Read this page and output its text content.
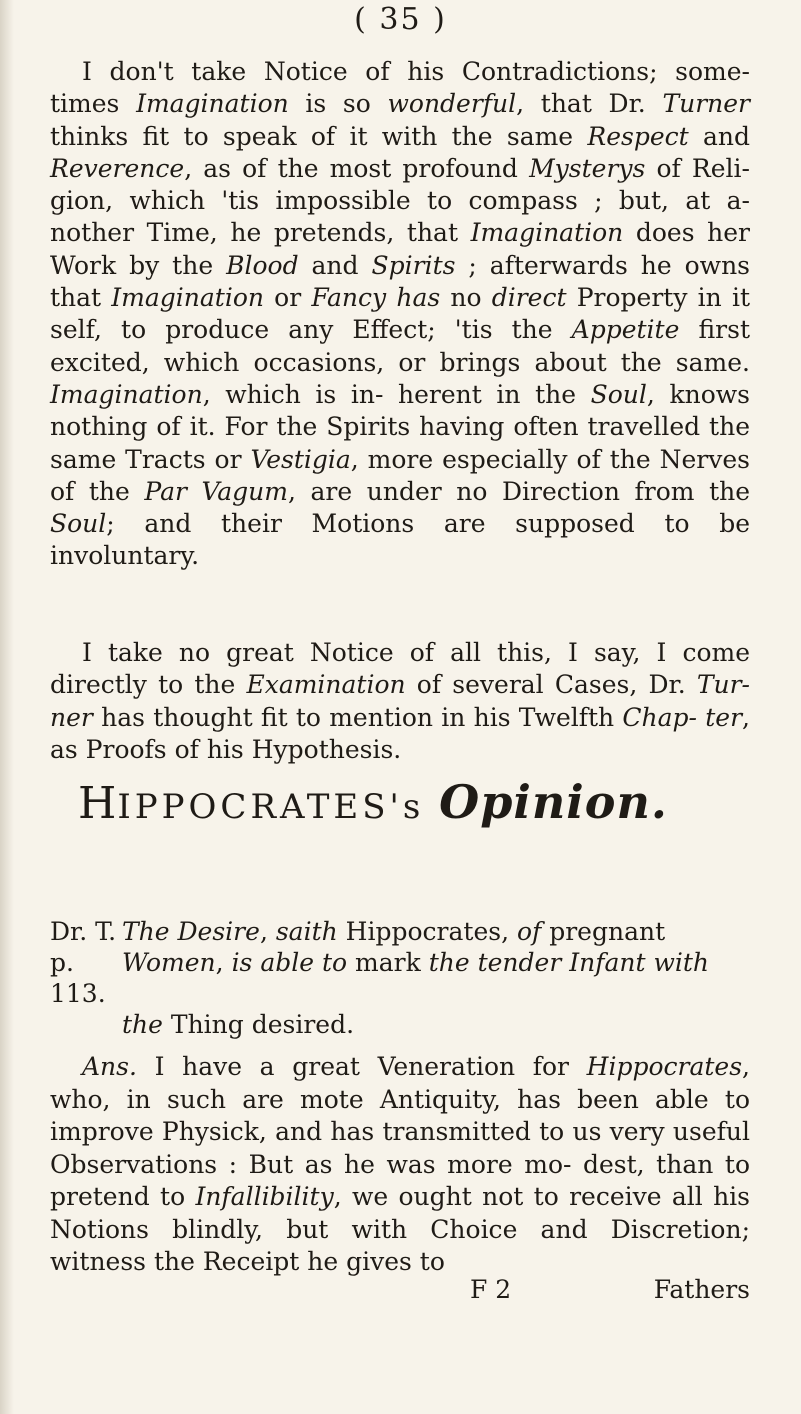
( 35 )

I don't take Notice of his Contradictions; some-times Imagination is so wonderful, that Dr. Turner thinks fit to speak of it with the same Respect and Reverence, as of the most profound Mysterys of Reli- gion, which 'tis impossible to compass ; but, at a- nother Time, he pretends, that Imagination does her Work by the Blood and Spirits ; afterwards he owns that Imagination or Fancy has no direct Property in it self, to produce any Effect; 'tis the Appetite first excited, which occasions, or brings about the same. Imagination, which is in- herent in the Soul, knows nothing of it. For the Spirits having often travelled the same Tracts or Vestigia, more especially of the Nerves of the Par Vagum, are under no Direction from the Soul; and their Motions are supposed to be involuntary.

I take no great Notice of all this, I say, I come directly to the Examination of several Cases, Dr. Tur- ner has thought fit to mention in his Twelfth Chap- ter, as Proofs of his Hypothesis.

HIPPOCRATES's Opinion.
Dr. T. The Desire, saith Hippocrates, of pregnant
p. 113.
Women, is able to mark the tender Infant with
the Thing desired.

Ans. I have a great Veneration for Hippocrates, who, in such are mote Antiquity, has been able to improve Physick, and has transmitted to us very useful Observations : But as he was more mo- dest, than to pretend to Infallibility, we ought not to receive all his Notions blindly, but with Choice and Discretion; witness the Receipt he gives to

F 2	Fathers
